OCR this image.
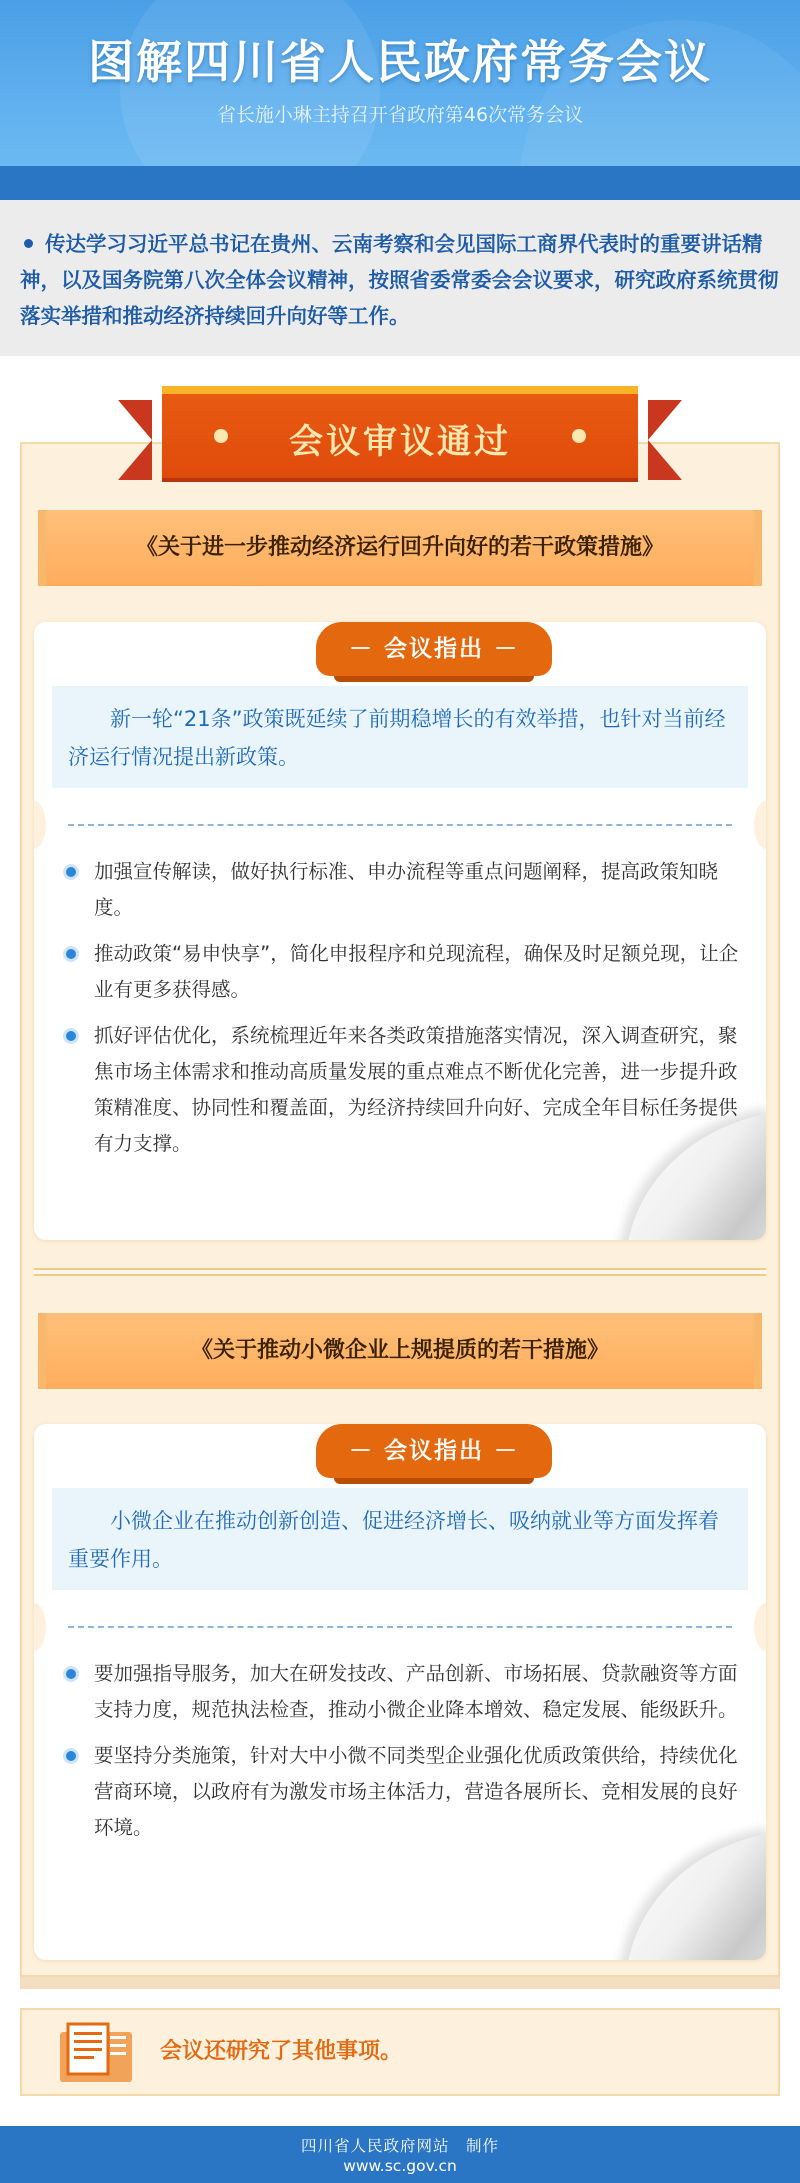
图解四川省人民政府常务会议
省长施小琳主持召开省政府第46次常务会议

传达学习习近平总书记在贵州、云南考察和会见国际工商界代表时的重要讲话精神，以及国务院第八次全体会议精神，按照省委常委会会议要求，研究政府系统贯彻落实举措和推动经济持续回升向好等工作。

会议审议通过
《关于进一步推动经济运行回升向好的若干政策措施》
－ 会议指出 －

新一轮“21条”政策既延续了前期稳增长的有效举措，也针对当前经济运行情况提出新政策。

加强宣传解读，做好执行标准、申办流程等重点问题阐释，提高政策知晓度。
推动政策“易申快享”，简化申报程序和兑现流程，确保及时足额兑现，让企业有更多获得感。
抓好评估优化，系统梳理近年来各类政策措施落实情况，深入调查研究，聚焦市场主体需求和推动高质量发展的重点难点不断优化完善，进一步提升政策精准度、协同性和覆盖面，为经济持续回升向好、完成全年目标任务提供有力支撑。
《关于推动小微企业上规提质的若干措施》
－ 会议指出 －

小微企业在推动创新创造、促进经济增长、吸纳就业等方面发挥着重要作用。

要加强指导服务，加大在研发技改、产品创新、市场拓展、贷款融资等方面支持力度，规范执法检查，推动小微企业降本增效、稳定发展、能级跃升。
要坚持分类施策，针对大中小微不同类型企业强化优质政策供给，持续优化营商环境，以政府有为激发市场主体活力，营造各展所长、竞相发展的良好环境。
会议还研究了其他事项。
四川省人民政府网站　制作
www.sc.gov.cn
